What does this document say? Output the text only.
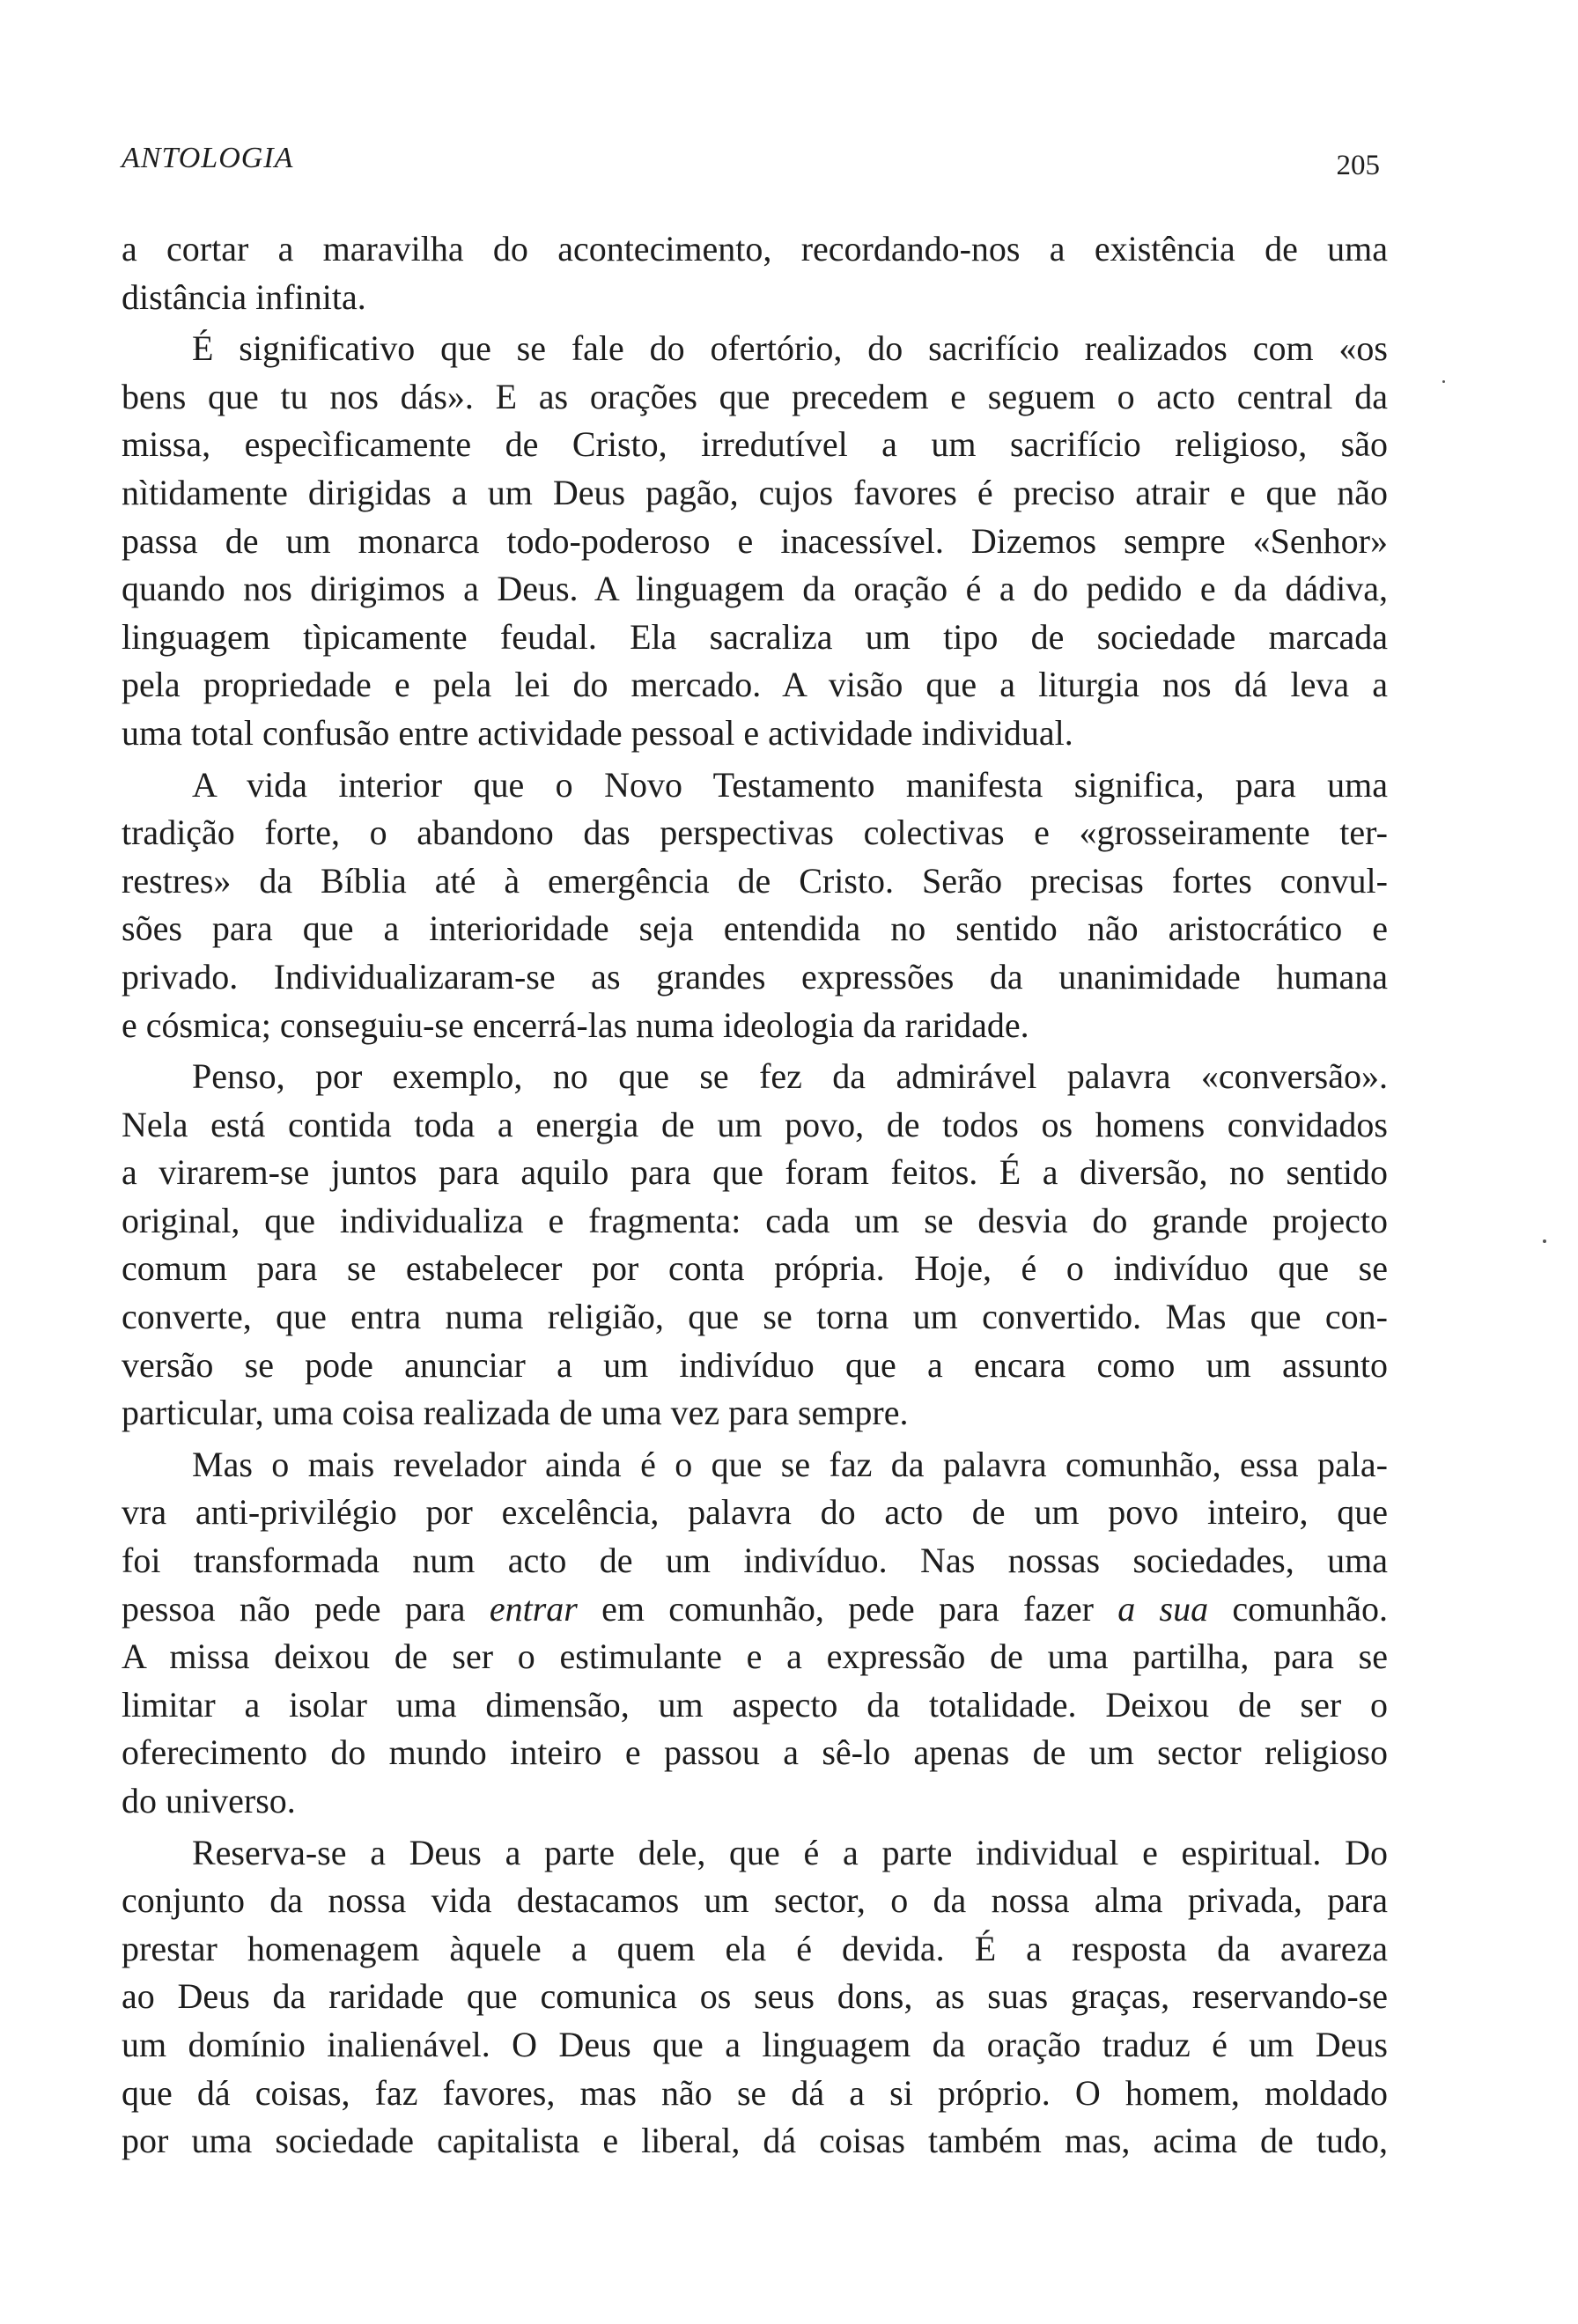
ANTOLOGIA	205

a cortar a maravilha do acontecimento, recordando-nos a existência de uma
distância infinita.

É significativo que se fale do ofertório, do sacrifício realizados com «os
bens que tu nos dás». E as orações que precedem e seguem o acto central da
missa, especìficamente de Cristo, irredutível a um sacrifício religioso, são
nìtidamente dirigidas a um Deus pagão, cujos favores é preciso atrair e que não
passa de um monarca todo-poderoso e inacessível. Dizemos sempre «Senhor»
quando nos dirigimos a Deus. A linguagem da oração é a do pedido e da dádiva,
linguagem tìpicamente feudal. Ela sacraliza um tipo de sociedade marcada
pela propriedade e pela lei do mercado. A visão que a liturgia nos dá leva a
uma total confusão entre actividade pessoal e actividade individual.

A vida interior que o Novo Testamento manifesta significa, para uma
tradição forte, o abandono das perspectivas colectivas e «grosseiramente ter-
restres» da Bíblia até à emergência de Cristo. Serão precisas fortes convul-
sões para que a interioridade seja entendida no sentido não aristocrático e
privado. Individualizaram-se as grandes expressões da unanimidade humana
e cósmica; conseguiu-se encerrá-las numa ideologia da raridade.

Penso, por exemplo, no que se fez da admirável palavra «conversão».
Nela está contida toda a energia de um povo, de todos os homens convidados
a virarem-se juntos para aquilo para que foram feitos. É a diversão, no sentido
original, que individualiza e fragmenta: cada um se desvia do grande projecto
comum para se estabelecer por conta própria. Hoje, é o indivíduo que se
converte, que entra numa religião, que se torna um convertido. Mas que con-
versão se pode anunciar a um indivíduo que a encara como um assunto
particular, uma coisa realizada de uma vez para sempre.

Mas o mais revelador ainda é o que se faz da palavra comunhão, essa pala-
vra anti-privilégio por excelência, palavra do acto de um povo inteiro, que
foi transformada num acto de um indivíduo. Nas nossas sociedades, uma
pessoa não pede para entrar em comunhão, pede para fazer a sua comunhão.
A missa deixou de ser o estimulante e a expressão de uma partilha, para se
limitar a isolar uma dimensão, um aspecto da totalidade. Deixou de ser o
oferecimento do mundo inteiro e passou a sê-lo apenas de um sector religioso
do universo.

Reserva-se a Deus a parte dele, que é a parte individual e espiritual. Do
conjunto da nossa vida destacamos um sector, o da nossa alma privada, para
prestar homenagem àquele a quem ela é devida. É a resposta da avareza
ao Deus da raridade que comunica os seus dons, as suas graças, reservando-se
um domínio inalienável. O Deus que a linguagem da oração traduz é um Deus
que dá coisas, faz favores, mas não se dá a si próprio. O homem, moldado
por uma sociedade capitalista e liberal, dá coisas também mas, acima de tudo,
